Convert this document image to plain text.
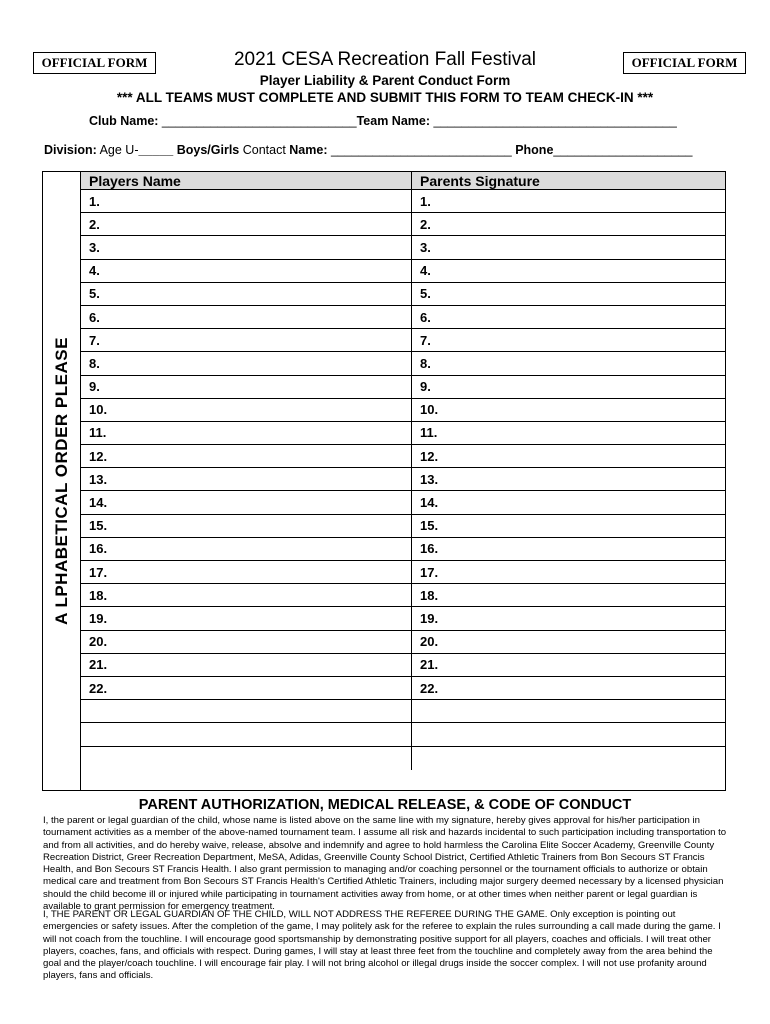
OFFICIAL FORM	OFFICIAL FORM
2021 CESA Recreation Fall Festival
Player Liability & Parent Conduct Form
*** ALL TEAMS MUST COMPLETE AND SUBMIT THIS FORM TO TEAM CHECK-IN ***
Club Name: ____________________________Team Name: ___________________________________
Division: Age U-_____ Boys/Girls Contact Name: __________________________ Phone____________________
A LPHABETICAL ORDER PLEASE
Players Name	Parents Signature
1.	1.
2.	2.
3.	3.
4.	4.
5.	5.
6.	6.
7.	7.
8.	8.
9.	9.
10.	10.
11.	11.
12.	12.
13.	13.
14.	14.
15.	15.
16.	16.
17.	17.
18.	18.
19.	19.
20.	20.
21.	21.
22.	22.
PARENT AUTHORIZATION, MEDICAL RELEASE, & CODE OF CONDUCT
I, the parent or legal guardian of the child, whose name is listed above on the same line with my signature, hereby gives approval for his/her participation in tournament activities as a member of the above-named tournament team. I assume all risk and hazards incidental to such participation including transportation to and from all activities, and do hereby waive, release, absolve and indemnify and agree to hold harmless the Carolina Elite Soccer Academy, Greenville County Recreation District, Greer Recreation Department, MeSA, Adidas, Greenville County School District, Certified Athletic Trainers from Bon Secours ST Francis Health, and Bon Secours ST Francis Health. I also grant permission to managing and/or coaching personnel or the tournament officials to authorize or obtain medical care and treatment from Bon Secours ST Francis Health's Certified Athletic Trainers, including major surgery deemed necessary by a licensed physician should the child become ill or injured while participating in tournament activities away from home, or at other times when neither parent or legal guardian is available to grant permission for emergency treatment.
I, THE PARENT OR LEGAL GUARDIAN OF THE CHILD, WILL NOT ADDRESS THE REFEREE DURING THE GAME. Only exception is pointing out emergencies or safety issues. After the completion of the game, I may politely ask for the referee to explain the rules surrounding a call made during the game. I will not coach from the touchline. I will encourage good sportsmanship by demonstrating positive support for all players, coaches and officials. I will treat other players, coaches, fans, and officials with respect. During games, I will stay at least three feet from the touchline and completely away from the area behind the goal and the player/coach touchline. I will encourage fair play. I will not bring alcohol or illegal drugs inside the soccer complex. I will not use profanity around players, fans and officials.
